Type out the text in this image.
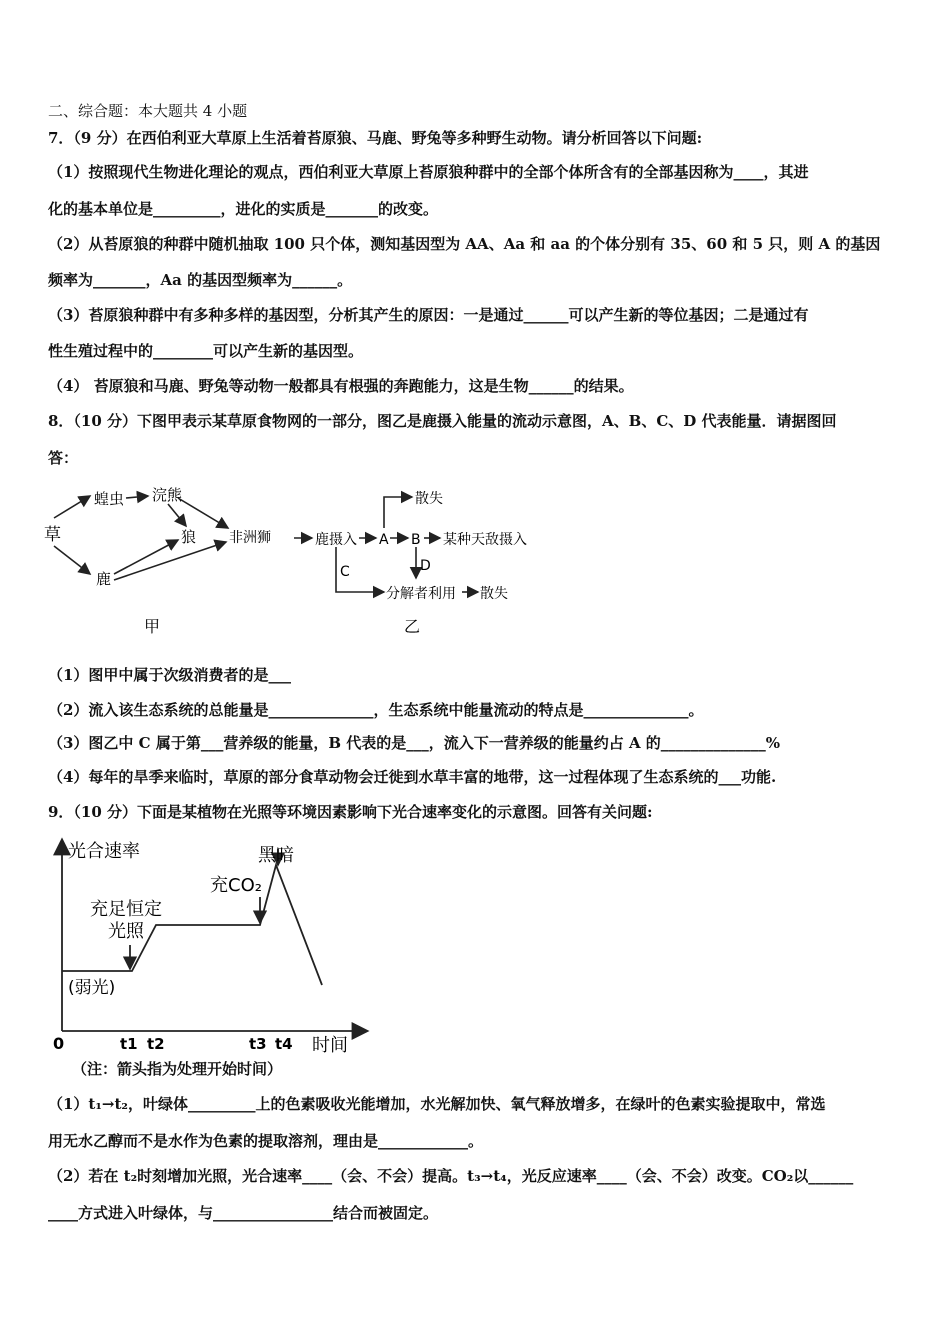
二、综合题：本大题共 4 小题
7．（9 分）在西伯利亚大草原上生活着苔原狼、马鹿、野兔等多种野生动物。请分析回答以下问题:
（1）按照现代生物进化理论的观点，西伯利亚大草原上苔原狼种群中的全部个体所含有的全部基因称为____，其进
化的基本单位是_________，进化的实质是_______的改变。
（2）从苔原狼的种群中随机抽取 100 只个体，测知基因型为 AA、Aa 和 aa 的个体分别有 35、60 和 5 只，则 A 的基因
频率为_______，Aa 的基因型频率为______。
（3）苔原狼种群中有多种多样的基因型，分析其产生的原因：一是通过______可以产生新的等位基因；二是通过有
性生殖过程中的________可以产生新的基因型。
（4） 苔原狼和马鹿、野兔等动物一般都具有根强的奔跑能力，这是生物______的结果。
8．（10 分）下图甲表示某草原食物网的一部分，图乙是鹿摄入能量的流动示意图，A、B、C、D 代表能量．请据图回
答：
草
蝗虫 浣熊
狼 非洲狮
鹿
甲
鹿摄入 A B 某种天敌摄入
散失
D
C
分解者利用 散失
乙
（1）图甲中属于次级消费者的是___
（2）流入该生态系统的总能量是______________，生态系统中能量流动的特点是______________。
（3）图乙中 C 属于第___营养级的能量，B 代表的是___，流入下一营养级的能量约占 A 的______________%
（4）每年的旱季来临时，草原的部分食草动物会迁徙到水草丰富的地带，这一过程体现了生态系统的___功能.
9．（10 分）下面是某植物在光照等环境因素影响下光合速率变化的示意图。回答有关问题:
光合速率
时间
0	t1 t2	t3 t4
(弱光)
充足恒定
光照
充CO₂
黑暗
（注：箭头指为处理开始时间）
（1）t₁→t₂，叶绿体_________上的色素吸收光能增加，水光解加快、氧气释放增多，在绿叶的色素实验提取中，常选
用无水乙醇而不是水作为色素的提取溶剂，理由是____________。
（2）若在 t₂时刻增加光照，光合速率____（会、不会）提高。t₃→t₄，光反应速率____（会、不会）改变。CO₂以______
____方式进入叶绿体，与________________结合而被固定。
